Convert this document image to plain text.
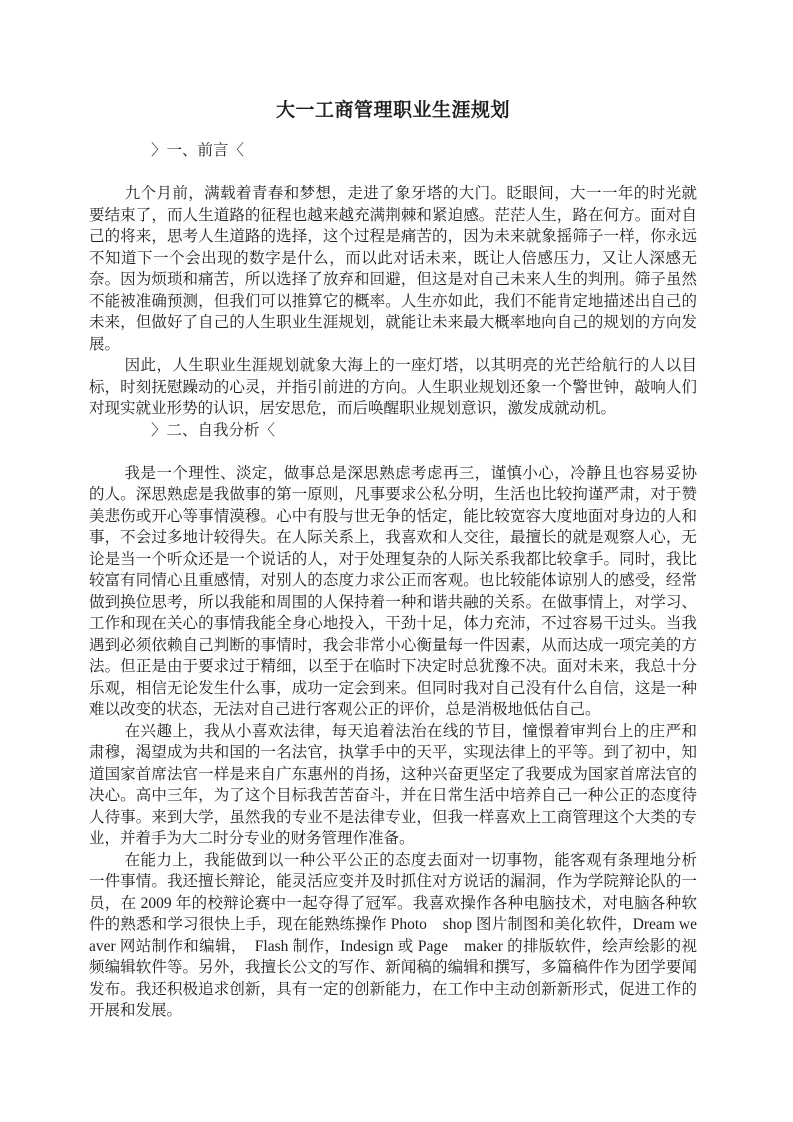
大一工商管理职业生涯规划
〉一、前言〈

九个月前，满载着青春和梦想，走进了象牙塔的大门。眨眼间，大一一年的时光就要结束了，而人生道路的征程也越来越充满荆棘和紧迫感。茫茫人生，路在何方。面对自己的将来，思考人生道路的选择，这个过程是痛苦的，因为未来就象摇筛子一样，你永远不知道下一个会出现的数字是什么，而以此对话未来，既让人倍感压力，又让人深感无奈。因为烦琐和痛苦，所以选择了放弃和回避，但这是对自己未来人生的判刑。筛子虽然不能被准确预测，但我们可以推算它的概率。人生亦如此，我们不能肯定地描述出自己的未来，但做好了自己的人生职业生涯规划，就能让未来最大概率地向自己的规划的方向发展。

因此，人生职业生涯规划就象大海上的一座灯塔，以其明亮的光芒给航行的人以目标，时刻抚慰躁动的心灵，并指引前进的方向。人生职业规划还象一个警世钟，敲响人们对现实就业形势的认识，居安思危，而后唤醒职业规划意识，激发成就动机。

〉二、自我分析〈

我是一个理性、淡定，做事总是深思熟虑考虑再三，谨慎小心，冷静且也容易妥协的人。深思熟虑是我做事的第一原则，凡事要求公私分明，生活也比较拘谨严肃，对于赞美悲伤或开心等事情漠穆。心中有股与世无争的恬定，能比较宽容大度地面对身边的人和事，不会过多地计较得失。在人际关系上，我喜欢和人交往，最擅长的就是观察人心，无论是当一个听众还是一个说话的人，对于处理复杂的人际关系我都比较拿手。同时，我比较富有同情心且重感情，对别人的态度力求公正而客观。也比较能体谅别人的感受，经常做到换位思考，所以我能和周围的人保持着一种和谐共融的关系。在做事情上，对学习、工作和现在关心的事情我能全身心地投入，干劲十足，体力充沛，不过容易干过头。当我遇到必须依赖自己判断的事情时，我会非常小心衡量每一件因素，从而达成一项完美的方法。但正是由于要求过于精细，以至于在临时下决定时总犹豫不决。面对未来，我总十分乐观，相信无论发生什么事，成功一定会到来。但同时我对自己没有什么自信，这是一种难以改变的状态，无法对自己进行客观公正的评价，总是消极地低估自己。

在兴趣上，我从小喜欢法律，每天追着法治在线的节目，憧憬着审判台上的庄严和肃穆，渴望成为共和国的一名法官，执掌手中的天平，实现法律上的平等。到了初中，知道国家首席法官一样是来自广东惠州的肖扬，这种兴奋更坚定了我要成为国家首席法官的决心。高中三年，为了这个目标我苦苦奋斗，并在日常生活中培养自己一种公正的态度待人待事。来到大学，虽然我的专业不是法律专业，但我一样喜欢上工商管理这个大类的专业，并着手为大二时分专业的财务管理作准备。

在能力上，我能做到以一种公平公正的态度去面对一切事物，能客观有条理地分析一件事情。我还擅长辩论，能灵活应变并及时抓住对方说话的漏洞，作为学院辩论队的一员，在 2009 年的校辩论赛中一起夺得了冠军。我喜欢操作各种电脑技术，对电脑各种软件的熟悉和学习很快上手，现在能熟练操作 Photo　shop 图片制图和美化软件，Dream weaver 网站制作和编辑，　Flash 制作，Indesign 或 Page　maker 的排版软件，绘声绘影的视频编辑软件等。另外，我擅长公文的写作、新闻稿的编辑和撰写，多篇稿件作为团学要闻发布。我还积极追求创新，具有一定的创新能力，在工作中主动创新新形式，促进工作的开展和发展。
